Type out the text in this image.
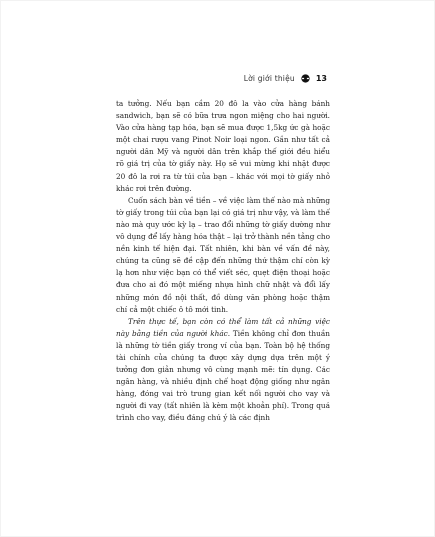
Lời giới thiệu	13

ta tưởng. Nếu bạn cầm 20 đô la vào cửa hàng bánh sandwich, bạn sẽ có bữa trưa ngon miệng cho hai người. Vào cửa hàng tạp hóa, bạn sẽ mua được 1,5kg ức gà hoặc một chai rượu vang Pinot Noir loại ngon. Gần như tất cả người dân Mỹ và người dân trên khắp thế giới đều hiểu rõ giá trị của tờ giấy này. Họ sẽ vui mừng khi nhặt được 20 đô la rơi ra từ túi của bạn – khác với mọi tờ giấy nhỏ khác rơi trên đường.

Cuốn sách bàn về tiền – về việc làm thế nào mà những tờ giấy trong túi của bạn lại có giá trị như vậy, và làm thế nào mà quy ước kỳ lạ – trao đổi những tờ giấy dường như vô dụng để lấy hàng hóa thật – lại trở thành nền tảng cho nền kinh tế hiện đại. Tất nhiên, khi bàn về vấn đề này, chúng ta cũng sẽ đề cập đến những thứ thậm chí còn kỳ lạ hơn như việc bạn có thể viết séc, quẹt điện thoại hoặc đưa cho ai đó một miếng nhựa hình chữ nhật và đổi lấy những món đồ nội thất, đồ dùng văn phòng hoặc thậm chí cả một chiếc ô tô mới tinh.

Trên thực tế, bạn còn có thể làm tất cả những việc này bằng tiền của người khác. Tiền không chỉ đơn thuần là những tờ tiền giấy trong ví của bạn. Toàn bộ hệ thống tài chính của chúng ta được xây dựng dựa trên một ý tưởng đơn giản nhưng vô cùng mạnh mẽ: tín dụng. Các ngân hàng, và nhiều định chế hoạt động giống như ngân hàng, đóng vai trò trung gian kết nối người cho vay và người đi vay (tất nhiên là kèm một khoản phí). Trong quá trình cho vay, điều đáng chú ý là các định
